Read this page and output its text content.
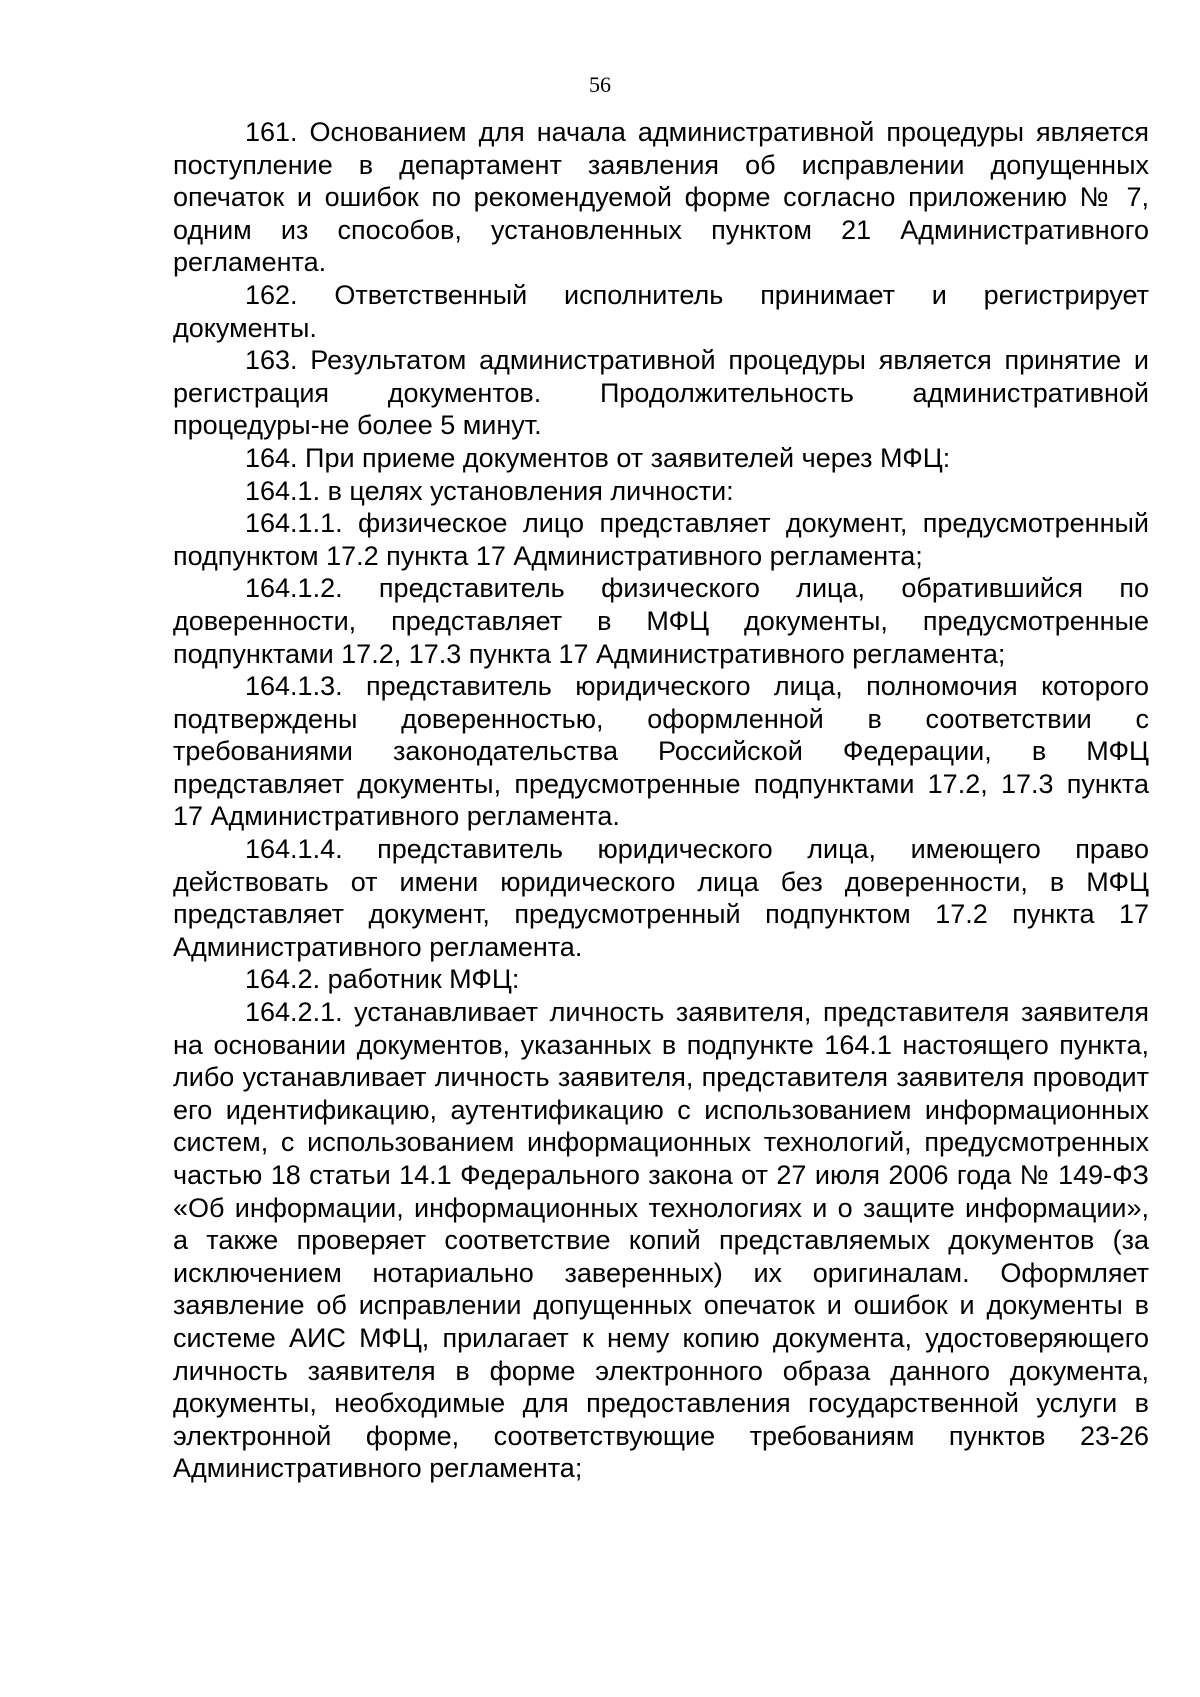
56

161. Основанием для начала административной процедуры является поступление в департамент заявления об исправлении допущенных опечаток и ошибок по рекомендуемой форме согласно приложению № 7, одним из способов, установленных пунктом 21 Административного регламента.

162. Ответственный исполнитель принимает и регистрирует документы.

163. Результатом административной процедуры является принятие и регистрация документов. Продолжительность административной процедуры-не более 5 минут.

164. При приеме документов от заявителей через МФЦ:

164.1. в целях установления личности:

164.1.1. физическое лицо представляет документ, предусмотренный подпунктом 17.2 пункта 17 Административного регламента;

164.1.2. представитель физического лица, обратившийся по доверенности, представляет в МФЦ документы, предусмотренные подпунктами 17.2, 17.3 пункта 17 Административного регламента;

164.1.3. представитель юридического лица, полномочия которого подтверждены доверенностью, оформленной в соответствии с требованиями законодательства Российской Федерации, в МФЦ представляет документы, предусмотренные подпунктами 17.2, 17.3 пункта 17 Административного регламента.

164.1.4. представитель юридического лица, имеющего право действовать от имени юридического лица без доверенности, в МФЦ представляет документ, предусмотренный подпунктом 17.2 пункта 17 Административного регламента.

164.2. работник МФЦ:

164.2.1. устанавливает личность заявителя, представителя заявителя на основании документов, указанных в подпункте 164.1 настоящего пункта, либо устанавливает личность заявителя, представителя заявителя проводит его идентификацию, аутентификацию с использованием информационных систем, с использованием информационных технологий, предусмотренных частью 18 статьи 14.1 Федерального закона от 27 июля 2006 года № 149-ФЗ «Об информации, информационных технологиях и о защите информации», а также проверяет соответствие копий представляемых документов (за исключением нотариально заверенных) их оригиналам. Оформляет заявление об исправлении допущенных опечаток и ошибок и документы в системе АИС МФЦ, прилагает к нему копию документа, удостоверяющего личность заявителя в форме электронного образа данного документа, документы, необходимые для предоставления государственной услуги в электронной форме, соответствующие требованиям пунктов 23-26 Административного регламента;
